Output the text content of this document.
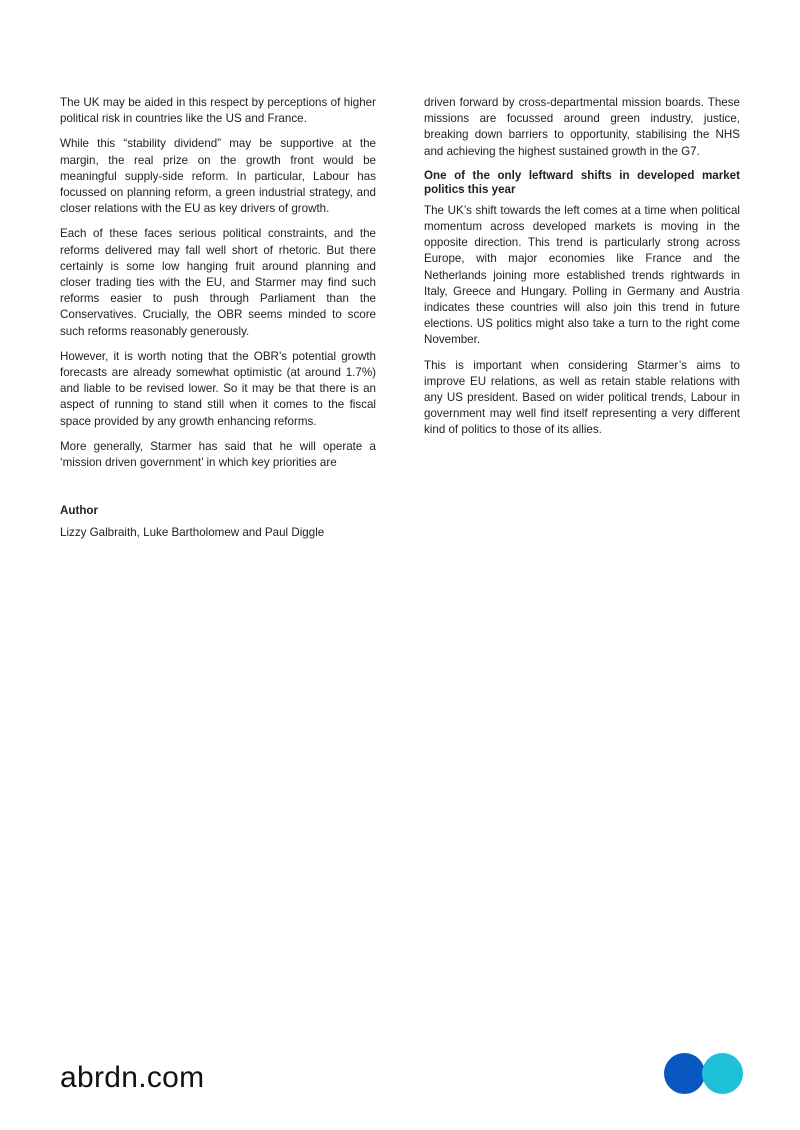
The UK may be aided in this respect by perceptions of higher political risk in countries like the US and France.

While this “stability dividend” may be supportive at the margin, the real prize on the growth front would be meaningful supply-side reform. In particular, Labour has focussed on planning reform, a green industrial strategy, and closer relations with the EU as key drivers of growth.

Each of these faces serious political constraints, and the reforms delivered may fall well short of rhetoric. But there certainly is some low hanging fruit around planning and closer trading ties with the EU, and Starmer may find such reforms easier to push through Parliament than the Conservatives. Crucially, the OBR seems minded to score such reforms reasonably generously.

However, it is worth noting that the OBR’s potential growth forecasts are already somewhat optimistic (at around 1.7%) and liable to be revised lower. So it may be that there is an aspect of running to stand still when it comes to the fiscal space provided by any growth enhancing reforms.

More generally, Starmer has said that he will operate a ‘mission driven government’ in which key priorities are

driven forward by cross-departmental mission boards. These missions are focussed around green industry, justice, breaking down barriers to opportunity, stabilising the NHS and achieving the highest sustained growth in the G7.

One of the only leftward shifts in developed market politics this year

The UK’s shift towards the left comes at a time when political momentum across developed markets is moving in the opposite direction. This trend is particularly strong across Europe, with major economies like France and the Netherlands joining more established trends rightwards in Italy, Greece and Hungary. Polling in Germany and Austria indicates these countries will also join this trend in future elections. US politics might also take a turn to the right come November.

This is important when considering Starmer’s aims to improve EU relations, as well as retain stable relations with any US president. Based on wider political trends, Labour in government may well find itself representing a very different kind of politics to those of its allies.

Author

Lizzy Galbraith, Luke Bartholomew and Paul Diggle

abrdn.com
